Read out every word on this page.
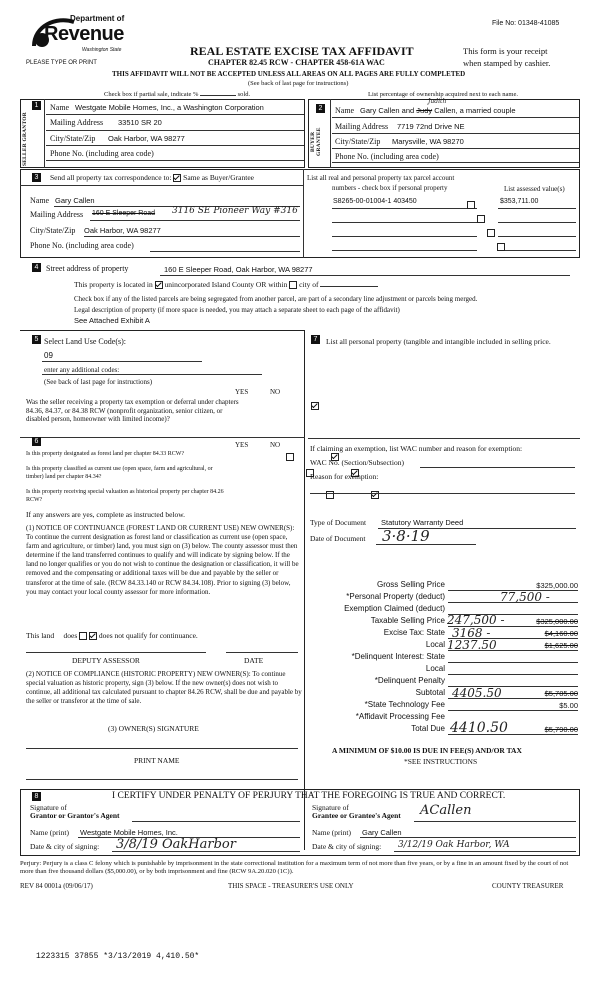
File No: 01348-41085
Department of
Revenue
Washington State
PLEASE TYPE OR PRINT
REAL ESTATE EXCISE TAX AFFIDAVIT
CHAPTER 82.45 RCW - CHAPTER 458-61A WAC
This form is your receipt
when stamped by cashier.
THIS AFFIDAVIT WILL NOT BE ACCEPTED UNLESS ALL AREAS ON ALL PAGES ARE FULLY COMPLETED
(See back of last page for instructions)
Check box if partial sale, indicate %	sold.	List percentage of ownership acquired next to each name.
1
SELLER GRANTOR
Name Westgate Mobile Homes, Inc., a Washington Corporation
Mailing Address 33510 SR 20
City/State/Zip Oak Harbor, WA 98277
Phone No. (including area code)
2
BUYER GRANTEE
Name Gary Callen and Judy Callen, a married couple
Judith
Mailing Address 7719 72nd Drive NE
City/State/Zip Marysville, WA 98270
Phone No. (including area code)
3	Send all property tax correspondence to: Same as Buyer/Grantee
Name Gary Callen
Mailing Address 160 E Sleeper Road 3116 SE Pioneer Way #316
City/State/Zip Oak Harbor, WA 98277
Phone No. (including area code)
List all real and personal property tax parcel account
numbers - check box if personal property	List assessed value(s)
S8265-00-01004-1 403450	$353,711.00

4 Street address of property	160 E Sleeper Road, Oak Harbor, WA 98277
This property is located in unincorporated Island County OR within city of
Check box if any of the listed parcels are being segregated from another parcel, are part of a secondary line adjustment or parcels being merged.
Legal description of property (if more space is needed, you may attach a separate sheet to each page of the affidavit)
See Attached Exhibit A
5 Select Land Use Code(s):
09
enter any additional codes:
(See back of last page for instructions)
YES	NO
Was the seller receiving a property tax exemption or deferral under chapters 84.36, 84.37, or 84.38 RCW (nonprofit organization, senior citizen, or disabled person, homeowner with limited income)?

6	YES	NO
Is this property designated as forest land per chapter 84.33 RCW?

Is this property classified as current use (open space, farm and agricultural, or timber) land per chapter 84.34?

Is this property receiving special valuation as historical property per chapter 84.26 RCW?

If any answers are yes, complete as instructed below.
(1) NOTICE OF CONTINUANCE (FOREST LAND OR CURRENT USE) NEW OWNER(S): To continue the current designation as forest land or classification as current use (open space, farm and agriculture, or timber) land, you must sign on (3) below. The county assessor must then determine if the land transferred continues to qualify and will indicate by signing below. If the land no longer qualifies or you do not wish to continue the designation or classification, it will be removed and the compensating or additional taxes will be due and payable by the seller or transferor at the time of sale. (RCW 84.33.140 or RCW 84.34.108). Prior to signing (3) below, you may contact your local county assessor for more information.
This land does	does not qualify for continuance.
DEPUTY ASSESSOR	DATE
(2) NOTICE OF COMPLIANCE (HISTORIC PROPERTY) NEW OWNER(S): To continue special valuation as historic property, sign (3) below. If the new owner(s) does not wish to continue, all additional tax calculated pursuant to chapter 84.26 RCW, shall be due and payable by the seller or transferor at the time of sale.
(3) OWNER(S) SIGNATURE
PRINT NAME
7	List all personal property (tangible and intangible included in selling price.
If claiming an exemption, list WAC number and reason for exemption:
WAC No. (Section/Subsection)
Reason for exemption:
Type of Document Statutory Warranty Deed
Date of Document 3·8·19
Gross Selling Price	$325,000.00
*Personal Property (deduct)	77,500 -
Exemption Claimed (deduct)
Taxable Selling Price 247,500 -	$325,000.00
Excise Tax: State 3168 -	$4,160.00
Local 1237.50	$1,625.00
*Delinquent Interest: State
Local
*Delinquent Penalty
Subtotal 4405.50	$5,785.00
*State Technology Fee	$5.00
*Affidavit Processing Fee
Total Due 4410.50	$5,790.00
A MINIMUM OF $10.00 IS DUE IN FEE(S) AND/OR TAX
*SEE INSTRUCTIONS
8	I CERTIFY UNDER PENALTY OF PERJURY THAT THE FOREGOING IS TRUE AND CORRECT.
Signature of
Grantor or Grantor's Agent
Name (print) Westgate Mobile Homes, Inc.
Date & city of signing: 3/8/19 OakHarbor
Signature of
Grantee or Grantee's Agent ACallen
Name (print) Gary Callen
Date & city of signing: 3/12/19 Oak Harbor, WA
Perjury: Perjury is a class C felony which is punishable by imprisonment in the state correctional institution for a maximum term of not more than five years, or by a fine in an amount fixed by the court of not more than five thousand dollars ($5,000.00), or by both imprisonment and fine (RCW 9A.20.020 (1C)).
REV 84 0001a (09/06/17)	THIS SPACE - TREASURER'S USE ONLY	COUNTY TREASURER
1223315 37855 *3/13/2019 4,410.50*
